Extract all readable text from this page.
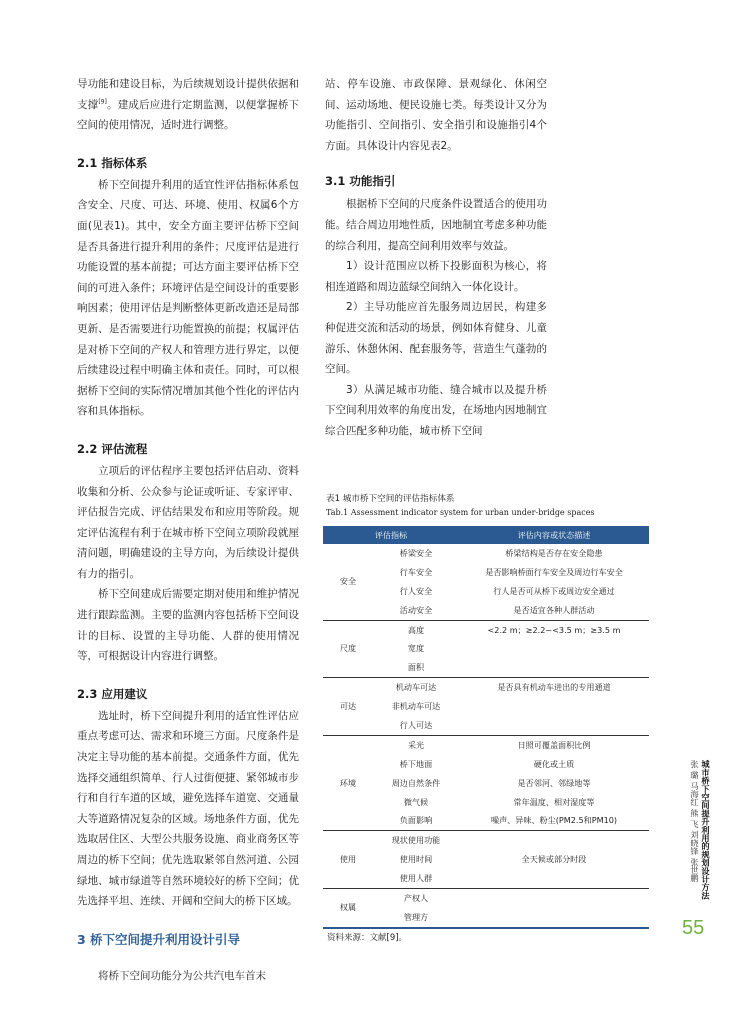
导功能和建设目标，为后续规划设计提供依据和支撑[9]。建成后应进行定期监测，以便掌握桥下空间的使用情况，适时进行调整。

2.1 指标体系

桥下空间提升利用的适宜性评估指标体系包含安全、尺度、可达、环境、使用、权属6个方面(见表1)。其中，安全方面主要评估桥下空间是否具备进行提升利用的条件；尺度评估是进行功能设置的基本前提；可达方面主要评估桥下空间的可进入条件；环境评估是空间设计的重要影响因素；使用评估是判断整体更新改造还是局部更新、是否需要进行功能置换的前提；权属评估是对桥下空间的产权人和管理方进行界定，以便后续建设过程中明确主体和责任。同时，可以根据桥下空间的实际情况增加其他个性化的评估内容和具体指标。

2.2 评估流程

立项后的评估程序主要包括评估启动、资料收集和分析、公众参与论证或听证、专家评审、评估报告完成、评估结果发布和应用等阶段。规定评估流程有利于在城市桥下空间立项阶段就厘清问题，明确建设的主导方向，为后续设计提供有力的指引。

桥下空间建成后需要定期对使用和维护情况进行跟踪监测。主要的监测内容包括桥下空间设计的目标、设置的主导功能、人群的使用情况等，可根据设计内容进行调整。

2.3 应用建议

选址时，桥下空间提升利用的适宜性评估应重点考虑可达、需求和环境三方面。尺度条件是决定主导功能的基本前提。交通条件方面，优先选择交通组织简单、行人过街便捷、紧邻城市步行和自行车道的区域，避免选择车道宽、交通量大等道路情况复杂的区域。场地条件方面，优先选取居住区、大型公共服务设施、商业商务区等周边的桥下空间；优先选取紧邻自然河道、公园绿地、城市绿道等自然环境较好的桥下空间；优先选择平坦、连续、开阔和空间大的桥下区域。

3 桥下空间提升利用设计引导

将桥下空间功能分为公共汽电车首末

站、停车设施、市政保障、景观绿化、休闲空间、运动场地、便民设施七类。每类设计又分为功能指引、空间指引、安全指引和设施指引4个方面。具体设计内容见表2。

3.1 功能指引

根据桥下空间的尺度条件设置适合的使用功能。结合周边用地性质，因地制宜考虑多种功能的综合利用，提高空间利用效率与效益。

1）设计范围应以桥下投影面积为核心，将相连道路和周边蓝绿空间纳入一体化设计。

2）主导功能应首先服务周边居民，构建多种促进交流和活动的场景，例如体育健身、儿童游乐、休憩休闲、配套服务等，营造生气蓬勃的空间。

3）从满足城市功能、缝合城市以及提升桥下空间利用效率的角度出发，在场地内因地制宜综合匹配多种功能，城市桥下空间

表1 城市桥下空间的评估指标体系
Tab.1 Assessment indicator system for urban under-bridge spaces
评估指标		评估内容或状态描述
安全	桥梁安全	桥梁结构是否存在安全隐患
	行车安全	是否影响桥面行车安全及周边行车安全
	行人安全	行人是否可从桥下或周边安全通过
	活动安全	是否适宜各种人群活动
尺度	高度	<2.2 m；≥2.2~<3.5 m；≥3.5 m
	宽度	
	面积	
可达	机动车可达	是否具有机动车进出的专用通道
	非机动车可达	
	行人可达	
环境	采光	日照可覆盖面积比例
	桥下地面	硬化或土质
	周边自然条件	是否邻河、邻绿地等
	微气候	常年温度、相对湿度等
	负面影响	噪声、异味、粉尘(PM2.5和PM10)
使用	现状使用功能	
	使用时间	全天候或部分时段
	使用人群	
权属	产权人	
	管理方	
资料来源：文献[9]。
张 璐 马海红 熊 飞 刘晓锋 张世鹏 城市桥下空间提升利用的规划设计方法
55
